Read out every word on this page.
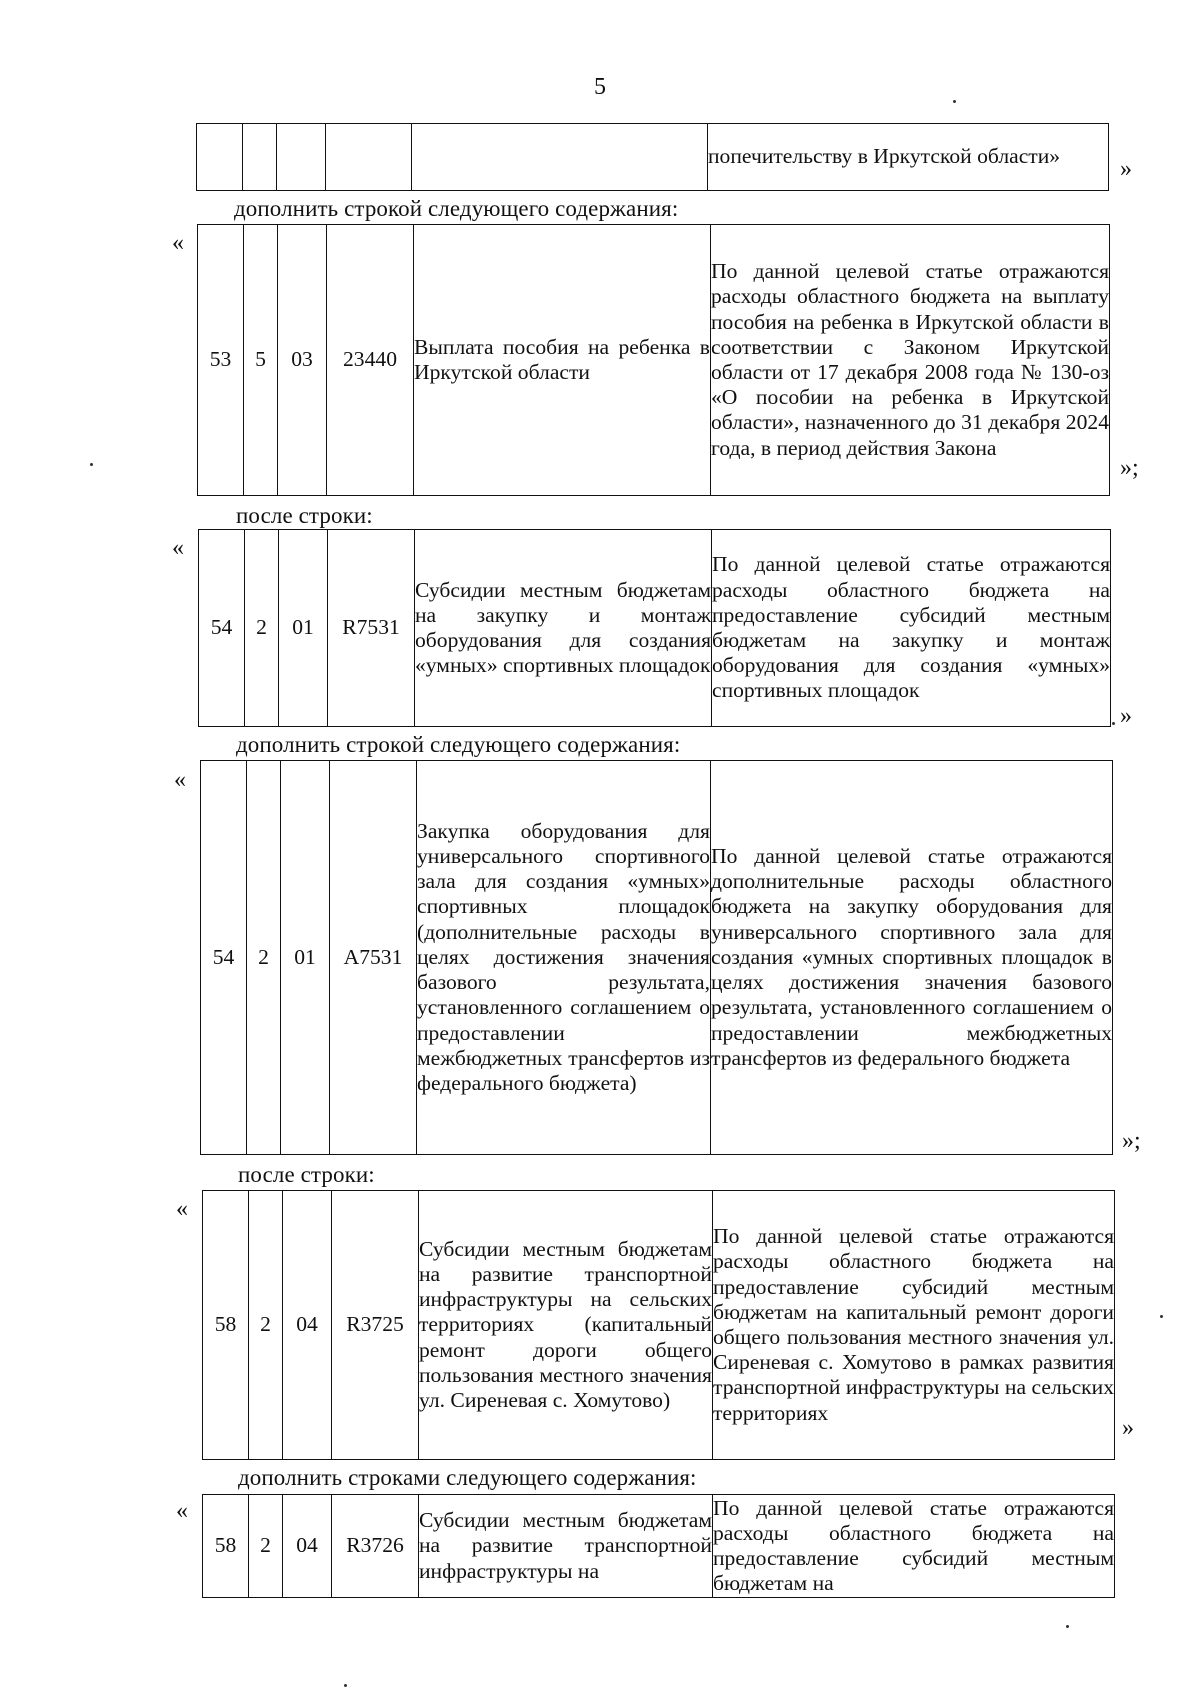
5
					попечительству в Иркутской области» »
дополнить строкой следующего содержания:
«
53	5	03	23440	Выплата пособия на ребенка в Иркутской области	По данной целевой статье отражаются расходы областного бюджета на выплату пособия на ребенка в Иркутской области в соответствии с Законом Иркутской области от 17 декабря 2008 года № 130-оз «О пособии на ребенка в Иркутской области», назначенного до 31 декабря 2024 года, в период действия Закона
»;
после строки:
«
54	2	01	R7531	Субсидии местным бюджетам на закупку и монтаж оборудования для создания «умных» спортивных площадок	По данной целевой статье отражаются расходы областного бюджета на предоставление субсидий местным бюджетам на закупку и монтаж оборудования для создания «умных» спортивных площадок
»
дополнить строкой следующего содержания:
«
54	2	01	А7531	Закупка оборудования для универсального спортивного зала для создания «умных» спортивных площадок (дополнительные расходы в целях достижения значения базового результата, установленного соглашением о предоставлении межбюджетных трансфертов из федерального бюджета)	По данной целевой статье отражаются дополнительные расходы областного бюджета на закупку оборудования для универсального спортивного зала для создания «умных спортивных площадок в целях достижения значения базового результата, установленного соглашением о предоставлении межбюджетных трансфертов из федерального бюджета
»;
после строки:
«
58	2	04	R3725	Субсидии местным бюджетам на развитие транспортной инфраструктуры на сельских территориях (капитальный ремонт дороги общего пользования местного значения ул. Сиреневая с. Хомутово)	По данной целевой статье отражаются расходы областного бюджета на предоставление субсидий местным бюджетам на капитальный ремонт дороги общего пользования местного значения ул. Сиреневая с. Хомутово в рамках развития транспортной инфраструктуры на сельских территориях
»
дополнить строками следующего содержания:
«
58	2	04	R3726	Субсидии местным бюджетам на развитие транспортной инфраструктуры на	По данной целевой статье отражаются расходы областного бюджета на предоставление субсидий местным бюджетам на
